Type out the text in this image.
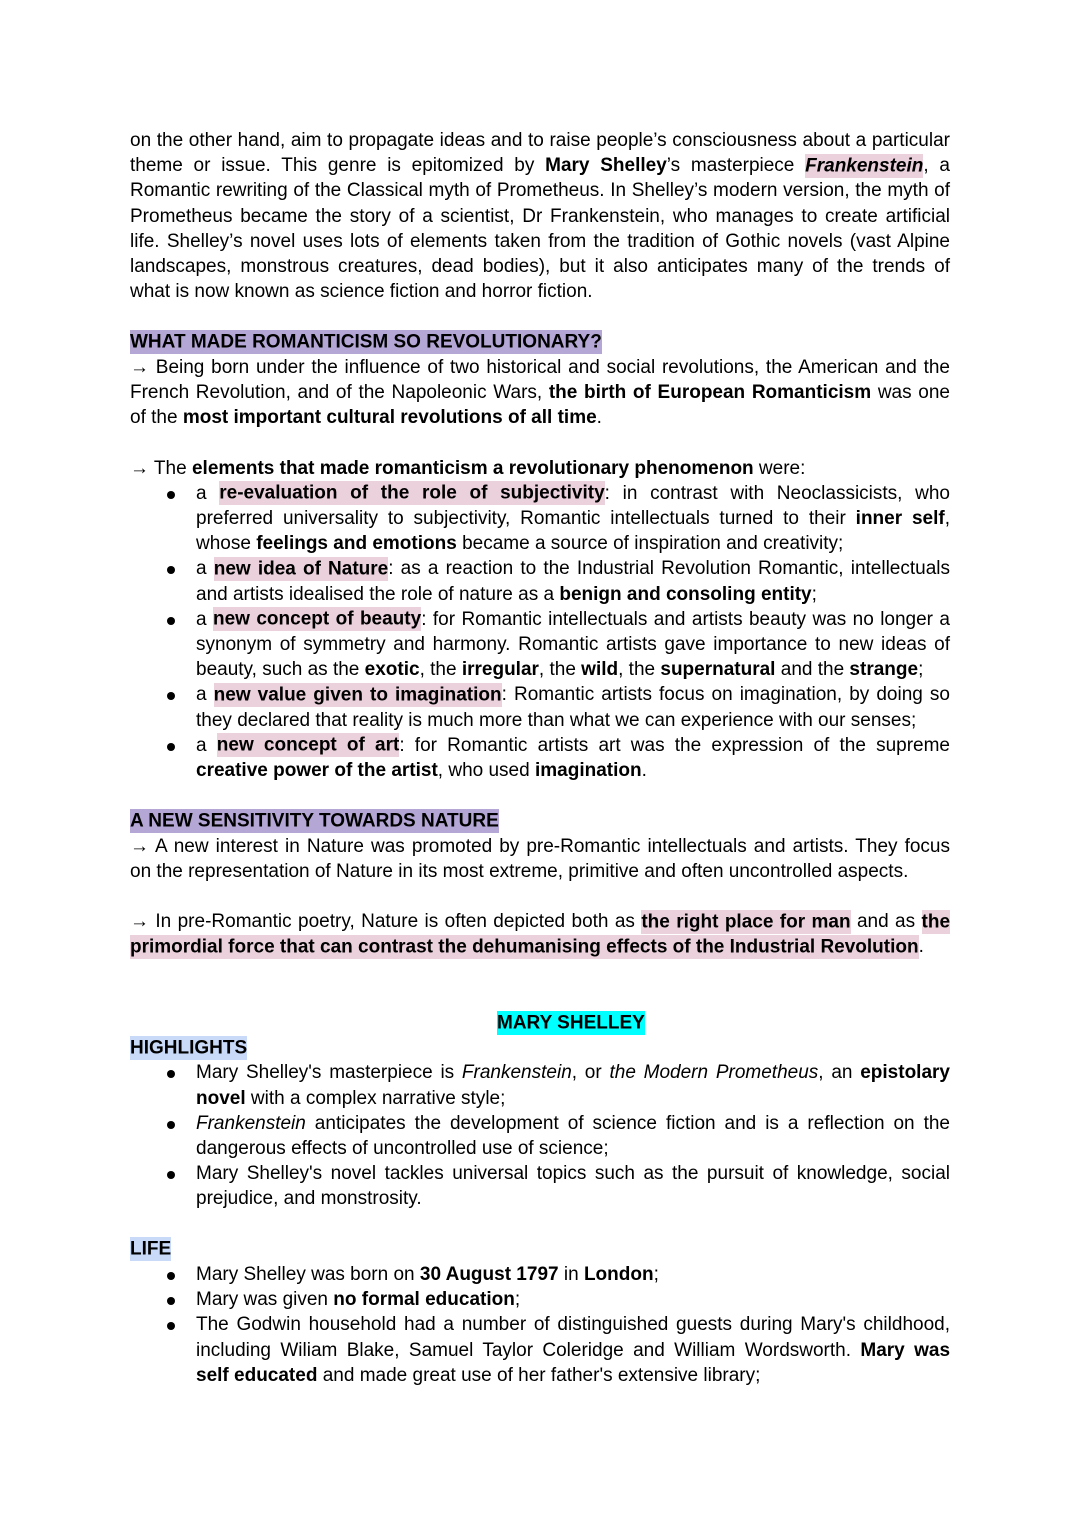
on the other hand, aim to propagate ideas and to raise people’s consciousness about a particular
theme or issue. This genre is epitomized by Mary Shelley’s masterpiece Frankenstein, a
Romantic rewriting of the Classical myth of Prometheus. In Shelley’s modern version, the myth of
Prometheus became the story of a scientist, Dr Frankenstein, who manages to create artificial
life. Shelley’s novel uses lots of elements taken from the tradition of Gothic novels (vast Alpine
landscapes, monstrous creatures, dead bodies), but it also anticipates many of the trends of
what is now known as science fiction and horror fiction.
WHAT MADE ROMANTICISM SO REVOLUTIONARY?
→ Being born under the influence of two historical and social revolutions, the American and the
French Revolution, and of the Napoleonic Wars, the birth of European Romanticism was one
of the most important cultural revolutions of all time.
→ The elements that made romanticism a revolutionary phenomenon were:
a re-evaluation of the role of subjectivity: in contrast with Neoclassicists, who
preferred universality to subjectivity, Romantic intellectuals turned to their inner self,
whose feelings and emotions became a source of inspiration and creativity;
a new idea of Nature: as a reaction to the Industrial Revolution Romantic, intellectuals
and artists idealised the role of nature as a benign and consoling entity;
a new concept of beauty: for Romantic intellectuals and artists beauty was no longer a
synonym of symmetry and harmony. Romantic artists gave importance to new ideas of
beauty, such as the exotic, the irregular, the wild, the supernatural and the strange;
a new value given to imagination: Romantic artists focus on imagination, by doing so
they declared that reality is much more than what we can experience with our senses;
a new concept of art: for Romantic artists art was the expression of the supreme
creative power of the artist, who used imagination.
A NEW SENSITIVITY TOWARDS NATURE
→ A new interest in Nature was promoted by pre-Romantic intellectuals and artists. They focus
on the representation of Nature in its most extreme, primitive and often uncontrolled aspects.
→ In pre-Romantic poetry, Nature is often depicted both as the right place for man and as the
primordial force that can contrast the dehumanising effects of the Industrial Revolution.
MARY SHELLEY
HIGHLIGHTS
Mary Shelley's masterpiece is Frankenstein, or the Modern Prometheus, an epistolary
novel with a complex narrative style;
Frankenstein anticipates the development of science fiction and is a reflection on the
dangerous effects of uncontrolled use of science;
Mary Shelley's novel tackles universal topics such as the pursuit of knowledge, social
prejudice, and monstrosity.
LIFE
Mary Shelley was born on 30 August 1797 in London;
Mary was given no formal education;
The Godwin household had a number of distinguished guests during Mary's childhood,
including Wiliam Blake, Samuel Taylor Coleridge and William Wordsworth. Mary was
self educated and made great use of her father's extensive library;
